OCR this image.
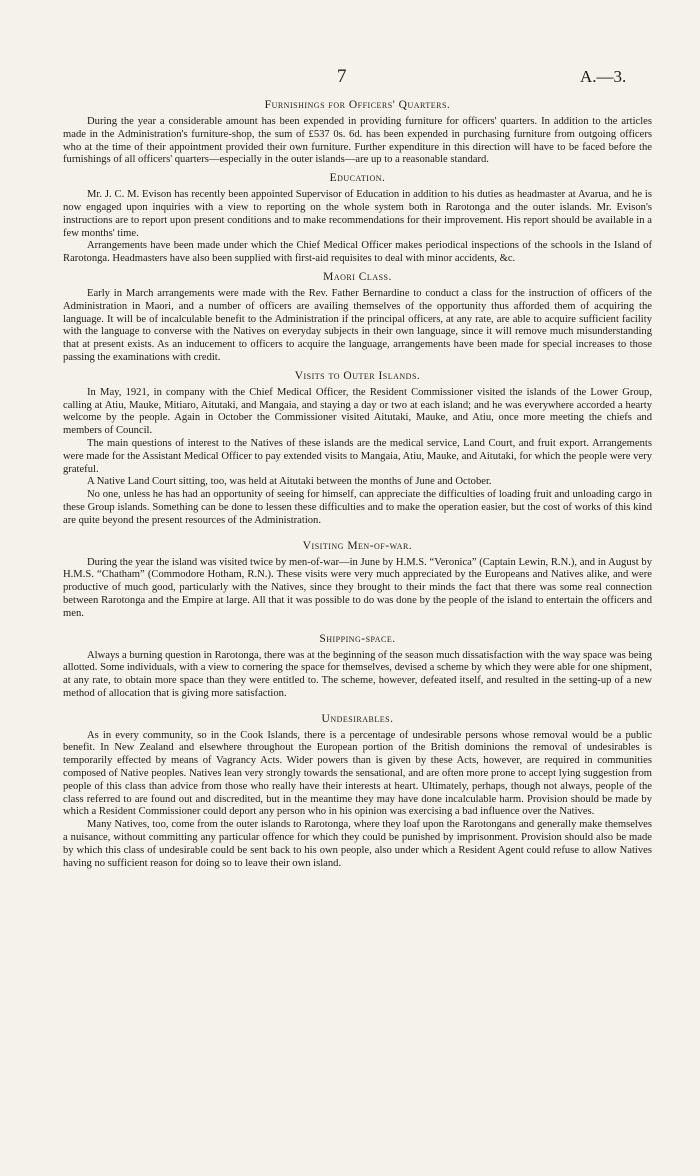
7	A.—3.
Furnishings for Officers' Quarters.

During the year a considerable amount has been expended in providing furniture for officers' quarters. In addition to the articles made in the Administration's furniture-shop, the sum of £537 0s. 6d. has been expended in purchasing furniture from outgoing officers who at the time of their appointment provided their own furniture. Further expenditure in this direction will have to be faced before the furnishings of all officers' quarters—especially in the outer islands—are up to a reasonable standard.

Education.

Mr. J. C. M. Evison has recently been appointed Supervisor of Education in addition to his duties as headmaster at Avarua, and he is now engaged upon inquiries with a view to reporting on the whole system both in Rarotonga and the outer islands. Mr. Evison's instructions are to report upon present conditions and to make recommendations for their improvement. His report should be available in a few months' time.

Arrangements have been made under which the Chief Medical Officer makes periodical inspections of the schools in the Island of Rarotonga. Headmasters have also been supplied with first-aid requisites to deal with minor accidents, &c.

Maori Class.

Early in March arrangements were made with the Rev. Father Bernardine to conduct a class for the instruction of officers of the Administration in Maori, and a number of officers are availing themselves of the opportunity thus afforded them of acquiring the language. It will be of incalculable benefit to the Administration if the principal officers, at any rate, are able to acquire sufficient facility with the language to converse with the Natives on everyday subjects in their own language, since it will remove much misunderstanding that at present exists. As an inducement to officers to acquire the language, arrangements have been made for special increases to those passing the examinations with credit.

Visits to Outer Islands.

In May, 1921, in company with the Chief Medical Officer, the Resident Commissioner visited the islands of the Lower Group, calling at Atiu, Mauke, Mitiaro, Aitutaki, and Mangaia, and staying a day or two at each island; and he was everywhere accorded a hearty welcome by the people. Again in October the Commissioner visited Aitutaki, Mauke, and Atiu, once more meeting the chiefs and members of Council.

The main questions of interest to the Natives of these islands are the medical service, Land Court, and fruit export. Arrangements were made for the Assistant Medical Officer to pay extended visits to Mangaia, Atiu, Mauke, and Aitutaki, for which the people were very grateful.

A Native Land Court sitting, too, was held at Aitutaki between the months of June and October.

No one, unless he has had an opportunity of seeing for himself, can appreciate the difficulties of loading fruit and unloading cargo in these Group islands. Something can be done to lessen these difficulties and to make the operation easier, but the cost of works of this kind are quite beyond the present resources of the Administration.

Visiting Men-of-war.

During the year the island was visited twice by men-of-war—in June by H.M.S. “Veronica” (Captain Lewin, R.N.), and in August by H.M.S. “Chatham” (Commodore Hotham, R.N.). These visits were very much appreciated by the Europeans and Natives alike, and were productive of much good, particularly with the Natives, since they brought to their minds the fact that there was some real connection between Rarotonga and the Empire at large. All that it was possible to do was done by the people of the island to entertain the officers and men.

Shipping-space.

Always a burning question in Rarotonga, there was at the beginning of the season much dissatisfaction with the way space was being allotted. Some individuals, with a view to cornering the space for themselves, devised a scheme by which they were able for one shipment, at any rate, to obtain more space than they were entitled to. The scheme, however, defeated itself, and resulted in the setting-up of a new method of allocation that is giving more satisfaction.

Undesirables.

As in every community, so in the Cook Islands, there is a percentage of undesirable persons whose removal would be a public benefit. In New Zealand and elsewhere throughout the European portion of the British dominions the removal of undesirables is temporarily effected by means of Vagrancy Acts. Wider powers than is given by these Acts, however, are required in communities composed of Native peoples. Natives lean very strongly towards the sensational, and are often more prone to accept lying suggestion from people of this class than advice from those who really have their interests at heart. Ultimately, perhaps, though not always, people of the class referred to are found out and discredited, but in the meantime they may have done incalculable harm. Provision should be made by which a Resident Commissioner could deport any person who in his opinion was exercising a bad influence over the Natives.

Many Natives, too, come from the outer islands to Rarotonga, where they loaf upon the Rarotongans and generally make themselves a nuisance, without committing any particular offence for which they could be punished by imprisonment. Provision should also be made by which this class of undesirable could be sent back to his own people, also under which a Resident Agent could refuse to allow Natives having no sufficient reason for doing so to leave their own island.
